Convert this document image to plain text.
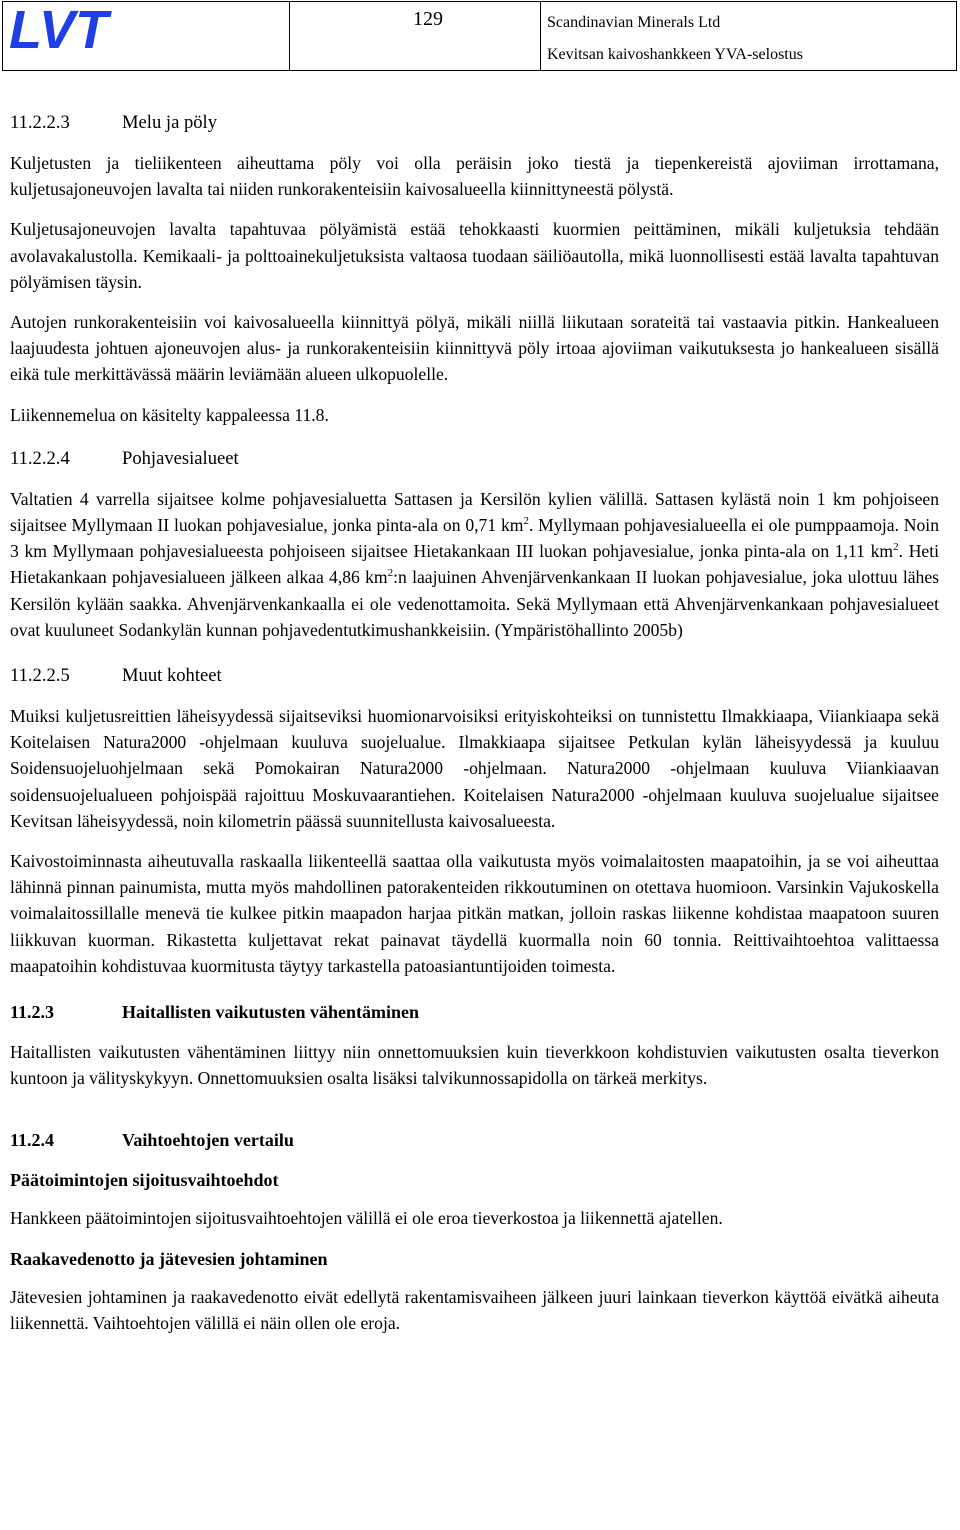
LVT	129	Scandinavian Minerals Ltd
Kevitsan kaivoshankkeen YVA-selostus
11.2.2.3	Melu ja pöly

Kuljetusten ja tieliikenteen aiheuttama pöly voi olla peräisin joko tiestä ja tiepenkereistä ajoviiman irrottamana, kuljetusajoneuvojen lavalta tai niiden runkorakenteisiin kaivosalueella kiinnittyneestä pölystä.

Kuljetusajoneuvojen lavalta tapahtuvaa pölyämistä estää tehokkaasti kuormien peittäminen, mikäli kuljetuksia tehdään avolavakalustolla. Kemikaali- ja polttoainekuljetuksista valtaosa tuodaan säiliöautolla, mikä luonnollisesti estää lavalta tapahtuvan pölyämisen täysin.

Autojen runkorakenteisiin voi kaivosalueella kiinnittyä pölyä, mikäli niillä liikutaan sorateitä tai vastaavia pitkin. Hankealueen laajuudesta johtuen ajoneuvojen alus- ja runkorakenteisiin kiinnittyvä pöly irtoaa ajoviiman vaikutuksesta jo hankealueen sisällä eikä tule merkittävässä määrin leviämään alueen ulkopuolelle.

Liikennemelua on käsitelty kappaleessa 11.8.

11.2.2.4	Pohjavesialueet

Valtatien 4 varrella sijaitsee kolme pohjavesialuetta Sattasen ja Kersilön kylien välillä. Sattasen kylästä noin 1 km pohjoiseen sijaitsee Myllymaan II luokan pohjavesialue, jonka pinta-ala on 0,71 $km^2$. Myllymaan pohjavesialueella ei ole pumppaamoja. Noin 3 km Myllymaan pohjavesialueesta pohjoiseen sijaitsee Hietakankaan III luokan pohjavesialue, jonka pinta-ala on 1,11 $km^2$. Heti Hietakankaan pohjavesialueen jälkeen alkaa 4,86 $km^2:n$ laajuinen Ahvenjärvenkankaan II luokan pohjavesialue, joka ulottuu lähes Kersilön kylään saakka. Ahvenjärvenkankaalla ei ole vedenottamoita. Sekä Myllymaan että Ahvenjärvenkankaan pohjavesialueet ovat kuuluneet Sodankylän kunnan pohjavedentutkimushankkeisiin. (Ympäristöhallinto 2005b)

11.2.2.5	Muut kohteet

Muiksi kuljetusreittien läheisyydessä sijaitseviksi huomionarvoisiksi erityiskohteiksi on tunnistettu Ilmakkiaapa, Viiankiaapa sekä Koitelaisen Natura2000 -ohjelmaan kuuluva suojelualue. Ilmakkiaapa sijaitsee Petkulan kylän läheisyydessä ja kuuluu Soidensuojeluohjelmaan sekä Pomokairan Natura2000 -ohjelmaan. Natura2000 -ohjelmaan kuuluva Viiankiaavan soidensuojelualueen pohjoispää rajoittuu Moskuvaarantiehen. Koitelaisen Natura2000 -ohjelmaan kuuluva suojelualue sijaitsee Kevitsan läheisyydessä, noin kilometrin päässä suunnitellusta kaivosalueesta.

Kaivostoiminnasta aiheutuvalla raskaalla liikenteellä saattaa olla vaikutusta myös voimalaitosten maapatoihin, ja se voi aiheuttaa lähinnä pinnan painumista, mutta myös mahdollinen patorakenteiden rikkoutuminen on otettava huomioon. Varsinkin Vajukoskella voimalaitossillalle menevä tie kulkee pitkin maapadon harjaa pitkän matkan, jolloin raskas liikenne kohdistaa maapatoon suuren liikkuvan kuorman. Rikastetta kuljettavat rekat painavat täydellä kuormalla noin 60 tonnia. Reittivaihtoehtoa valittaessa maapatoihin kohdistuvaa kuormitusta täytyy tarkastella patoasiantuntijoiden toimesta.

11.2.3	Haitallisten vaikutusten vähentäminen

Haitallisten vaikutusten vähentäminen liittyy niin onnettomuuksien kuin tieverkkoon kohdistuvien vaikutusten osalta tieverkon kuntoon ja välityskykyyn. Onnettomuuksien osalta lisäksi talvikunnossapidolla on tärkeä merkitys.

11.2.4	Vaihtoehtojen vertailu
Päätoimintojen sijoitusvaihtoehdot

Hankkeen päätoimintojen sijoitusvaihtoehtojen välillä ei ole eroa tieverkostoa ja liikennettä ajatellen.

Raakavedenotto ja jätevesien johtaminen

Jätevesien johtaminen ja raakavedenotto eivät edellytä rakentamisvaiheen jälkeen juuri lainkaan tieverkon käyttöä eivätkä aiheuta liikennettä. Vaihtoehtojen välillä ei näin ollen ole eroja.
